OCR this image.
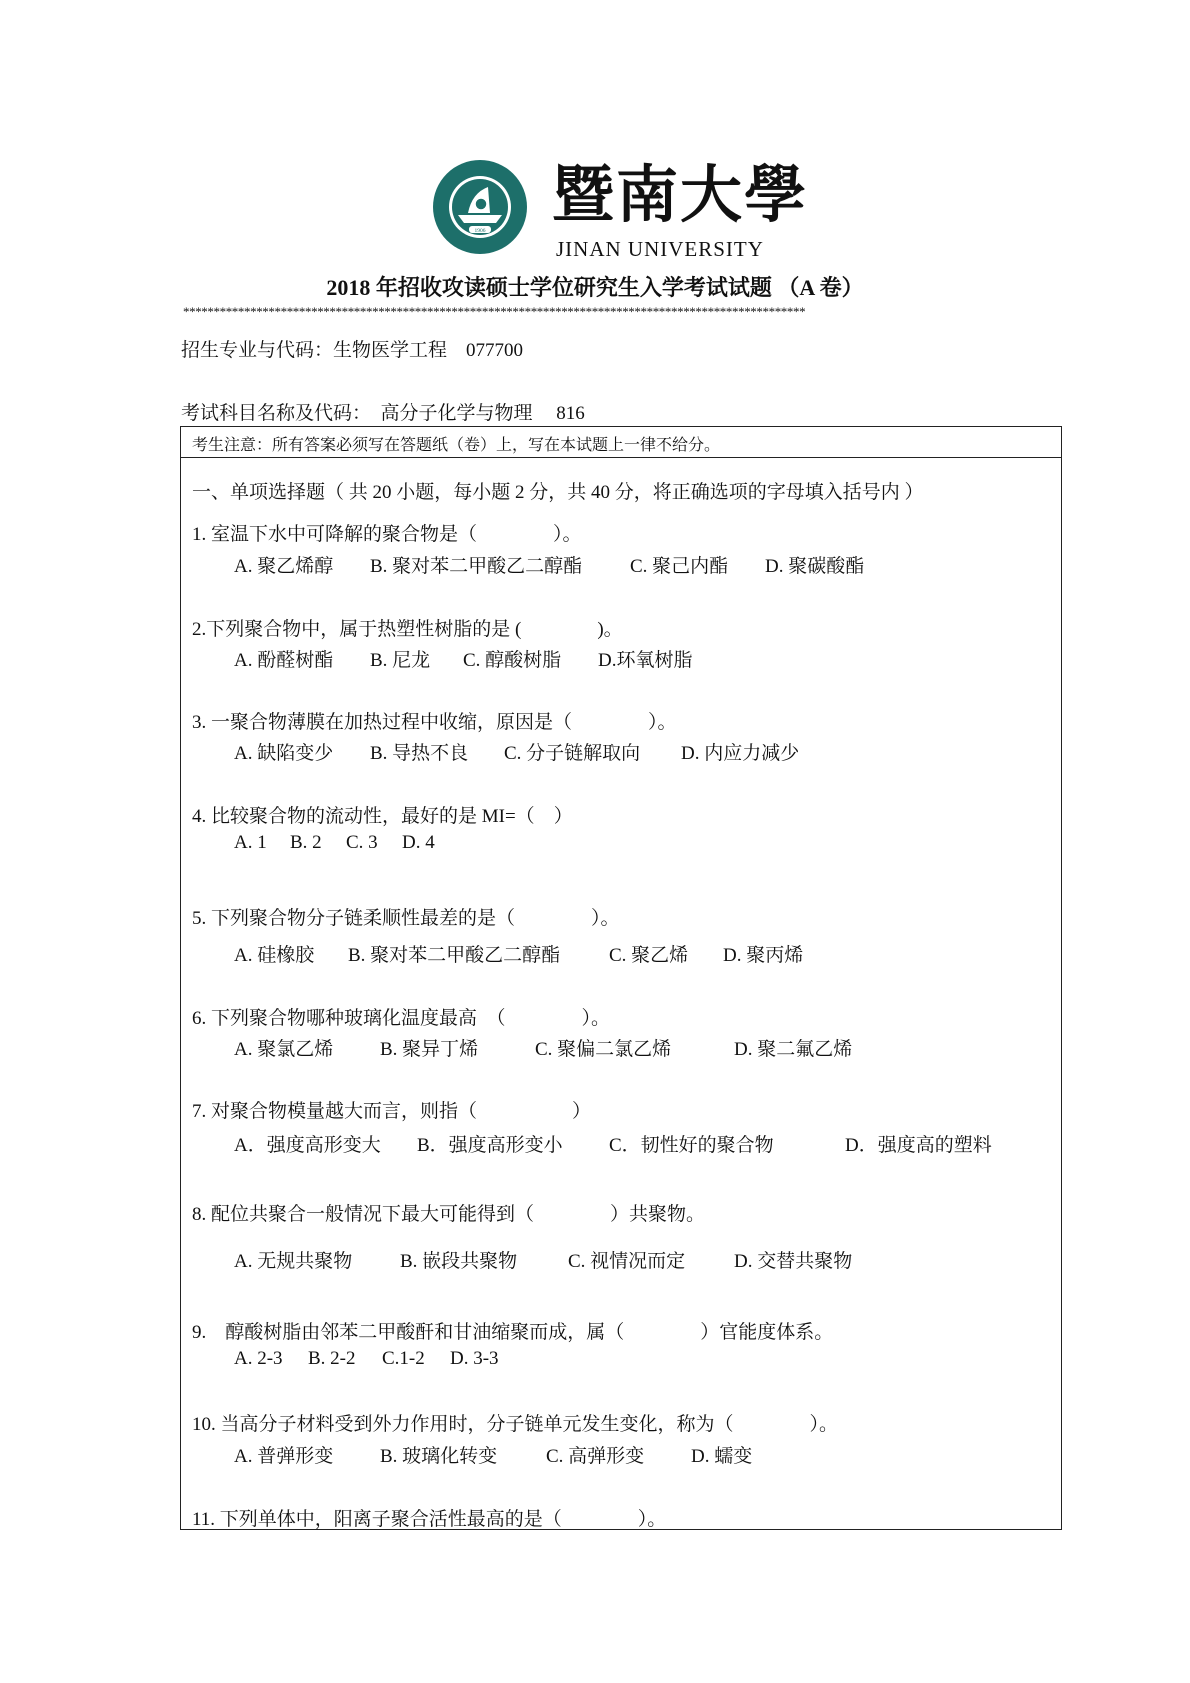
1906 暨南大學
JINAN UNIVERSITY
2018 年招收攻读硕士学位研究生入学考试试题 （A 卷）
******************************************************************************************************
招生专业与代码：生物医学工程　077700
考试科目名称及代码：　高分子化学与物理　 816
考生注意：所有答案必须写在答题纸（卷）上，写在本试题上一律不给分。
一、单项选择题（ 共 20 小题，每小题 2 分，共 40 分，将正确选项的字母填入括号内 ）
1. 室温下水中可降解的聚合物是（　　　　）。
A. 聚乙烯醇 B. 聚对苯二甲酸乙二醇酯	C. 聚己内酯 D. 聚碳酸酯
2.下列聚合物中，属于热塑性树脂的是 (　　　　)。
A. 酚醛树酯 B. 尼龙 C. 醇酸树脂 D.环氧树脂
3. 一聚合物薄膜在加热过程中收缩，原因是（　　　　）。
A. 缺陷变少 B. 导热不良 C. 分子链解取向 D. 内应力减少
4. 比较聚合物的流动性，最好的是 MI=（　）
A. 1 B. 2 C. 3 D. 4
5. 下列聚合物分子链柔顺性最差的是（　　　　）。
A. 硅橡胶 B. 聚对苯二甲酸乙二醇酯	C. 聚乙烯 D. 聚丙烯
6. 下列聚合物哪种玻璃化温度最高　（　　　　）。
A. 聚氯乙烯 B. 聚异丁烯	C. 聚偏二氯乙烯	D. 聚二氟乙烯
7. 对聚合物模量越大而言，则指（　　　　　）
A．强度高形变大 B．强度高形变小 C．韧性好的聚合物	D．强度高的塑料
8. 配位共聚合一般情况下最大可能得到（　　　　）共聚物。
A. 无规共聚物	B. 嵌段共聚物	C. 视情况而定	D. 交替共聚物
9.　醇酸树脂由邻苯二甲酸酐和甘油缩聚而成，属（　　　　）官能度体系。
A. 2-3 B. 2-2 C.1-2 D. 3-3
10. 当高分子材料受到外力作用时，分子链单元发生变化，称为（　　　　）。
A. 普弹形变 B. 玻璃化转变	C. 高弹形变 D. 蠕变
11. 下列单体中，阳离子聚合活性最高的是（　　　　）。
